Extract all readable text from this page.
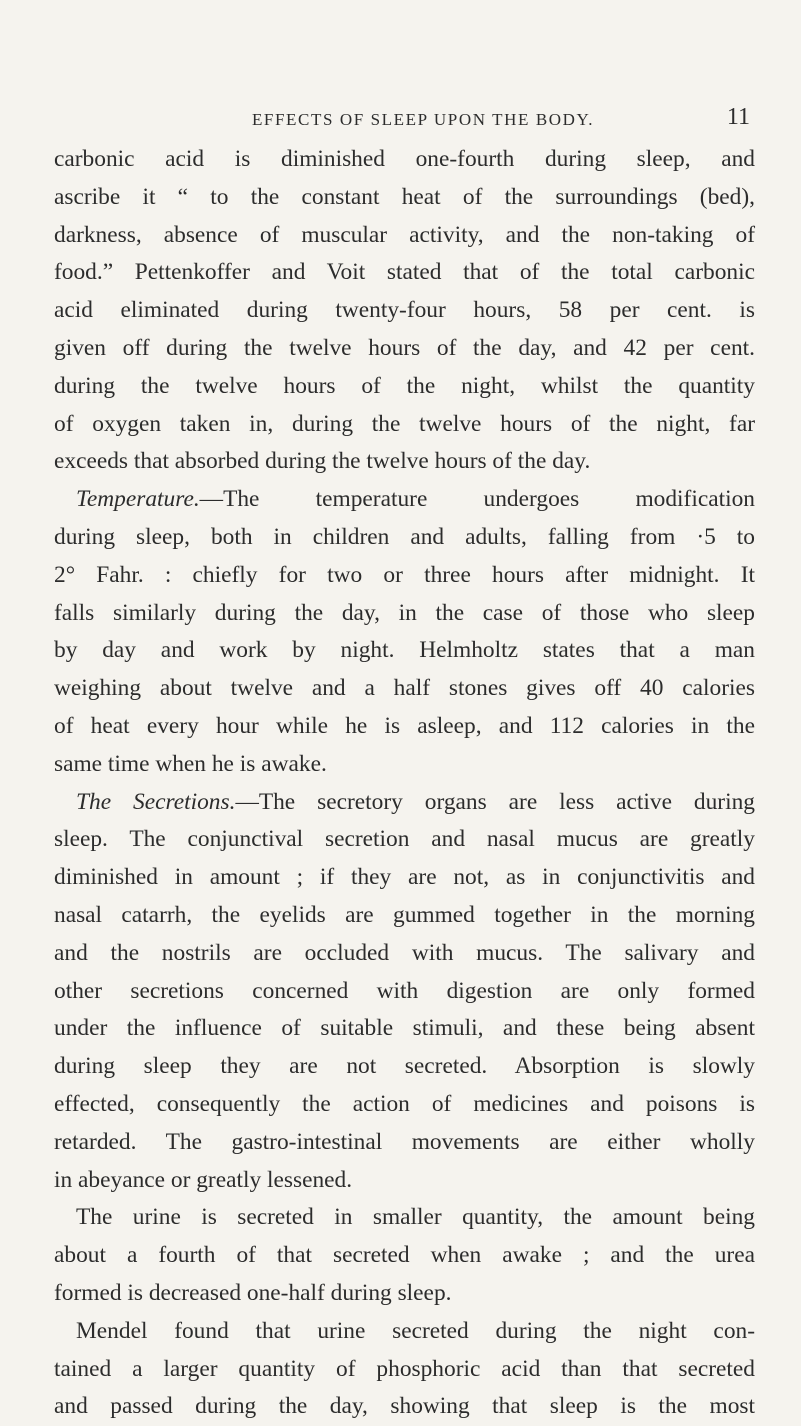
EFFECTS OF SLEEP UPON THE BODY.	11
carbonic acid is diminished one-fourth during sleep, and
ascribe it “ to the constant heat of the surroundings (bed),
darkness, absence of muscular activity, and the non-taking of
food.” Pettenkoffer and Voit stated that of the total carbonic
acid eliminated during twenty-four hours, 58 per cent. is
given off during the twelve hours of the day, and 42 per cent.
during the twelve hours of the night, whilst the quantity
of oxygen taken in, during the twelve hours of the night, far
exceeds that absorbed during the twelve hours of the day.
Temperature.—The temperature undergoes modification
during sleep, both in children and adults, falling from ·5 to
2° Fahr. : chiefly for two or three hours after midnight. It
falls similarly during the day, in the case of those who sleep
by day and work by night. Helmholtz states that a man
weighing about twelve and a half stones gives off 40 calories
of heat every hour while he is asleep, and 112 calories in the
same time when he is awake.
The Secretions.—The secretory organs are less active during
sleep. The conjunctival secretion and nasal mucus are greatly
diminished in amount ; if they are not, as in conjunctivitis and
nasal catarrh, the eyelids are gummed together in the morning
and the nostrils are occluded with mucus. The salivary and
other secretions concerned with digestion are only formed
under the influence of suitable stimuli, and these being absent
during sleep they are not secreted. Absorption is slowly
effected, consequently the action of medicines and poisons is
retarded. The gastro-intestinal movements are either wholly
in abeyance or greatly lessened.
The urine is secreted in smaller quantity, the amount being
about a fourth of that secreted when awake ; and the urea
formed is decreased one-half during sleep.
Mendel found that urine secreted during the night con-
tained a larger quantity of phosphoric acid than that secreted
and passed during the day, showing that sleep is the most
